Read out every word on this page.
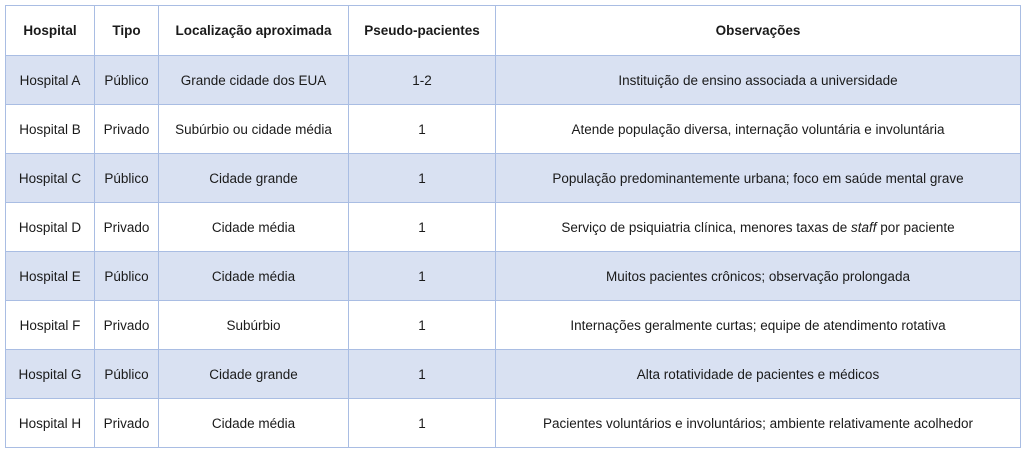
Hospital	Tipo	Localização aproximada	Pseudo-pacientes	Observações
Hospital A	Público	Grande cidade dos EUA	1-2	Instituição de ensino associada a universidade
Hospital B	Privado	Subúrbio ou cidade média	1	Atende população diversa, internação voluntária e involuntária
Hospital C	Público	Cidade grande	1	População predominantemente urbana; foco em saúde mental grave
Hospital D	Privado	Cidade média	1	Serviço de psiquiatria clínica, menores taxas de staff por paciente
Hospital E	Público	Cidade média	1	Muitos pacientes crônicos; observação prolongada
Hospital F	Privado	Subúrbio	1	Internações geralmente curtas; equipe de atendimento rotativa
Hospital G	Público	Cidade grande	1	Alta rotatividade de pacientes e médicos
Hospital H	Privado	Cidade média	1	Pacientes voluntários e involuntários; ambiente relativamente acolhedor
